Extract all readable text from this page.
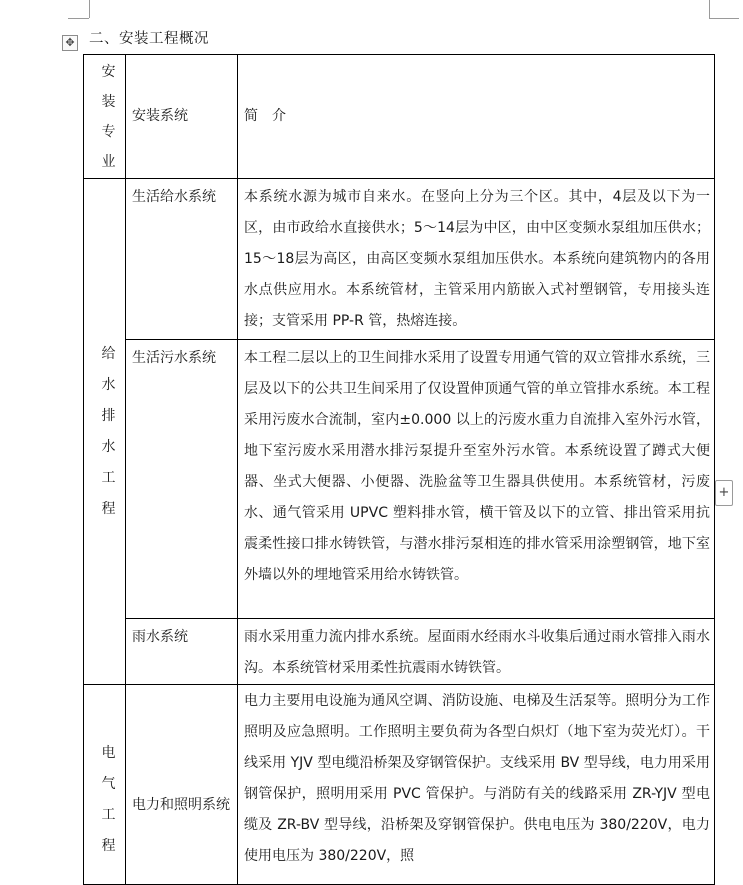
✥
+
二、安装工程概况
安装专业	安装系统	简　介

给水排水工程	生活给水系统	本系统水源为城市自来水。在竖向上分为三个区。其中，4层及以下为一区，由市政给水直接供水；5～14层为中区，由中区变频水泵组加压供水；15～18层为高区，由高区变频水泵组加压供水。本系统向建筑物内的各用水点供应用水。本系统管材，主管采用内筋嵌入式衬塑钢管，专用接头连接；支管采用 PP-R 管，热熔连接。

	生活污水系统	本工程二层以上的卫生间排水采用了设置专用通气管的双立管排水系统，三层及以下的公共卫生间采用了仅设置伸顶通气管的单立管排水系统。本工程采用污废水合流制，室内±0.000 以上的污废水重力自流排入室外污水管，地下室污废水采用潜水排污泵提升至室外污水管。本系统设置了蹲式大便器、坐式大便器、小便器、洗脸盆等卫生器具供使用。本系统管材，污废水、通气管采用 UPVC 塑料排水管，横干管及以下的立管、排出管采用抗震柔性接口排水铸铁管，与潜水排污泵相连的排水管采用涂塑钢管，地下室外墙以外的埋地管采用给水铸铁管。

	雨水系统	雨水采用重力流内排水系统。屋面雨水经雨水斗收集后通过雨水管排入雨水沟。本系统管材采用柔性抗震雨水铸铁管。

电气工程	电力和照明系统	电力主要用电设施为通风空调、消防设施、电梯及生活泵等。照明分为工作照明及应急照明。工作照明主要负荷为各型白炽灯（地下室为荧光灯）。干线采用 YJV 型电缆沿桥架及穿钢管保护。支线采用 BV 型导线，电力用采用钢管保护，照明用采用 PVC 管保护。与消防有关的线路采用 ZR-YJV 型电缆及 ZR-BV 型导线，沿桥架及穿钢管保护。供电电压为 380/220V，电力使用电压为 380/220V，照
